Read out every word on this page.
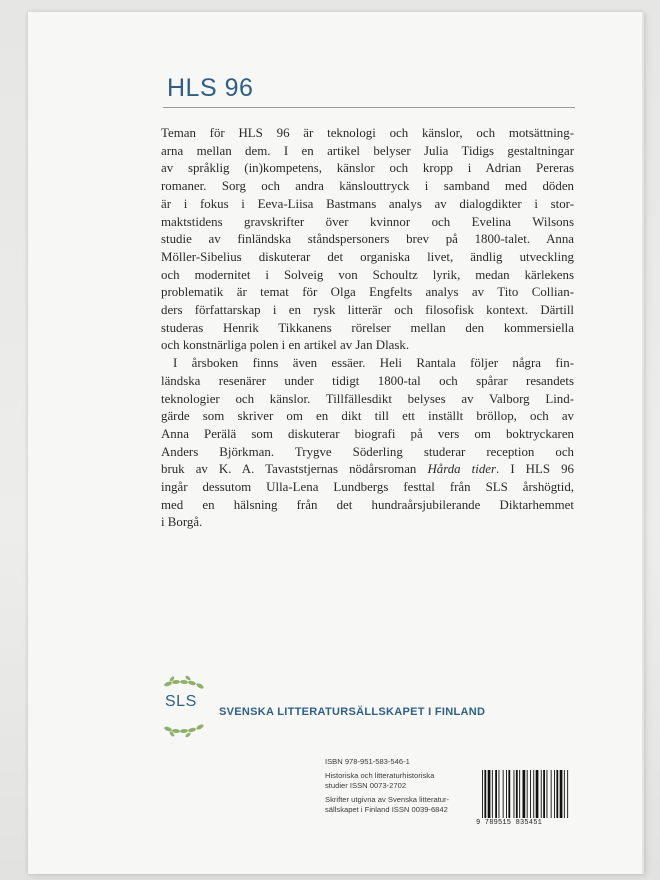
HLS 96

Teman för HLS 96 är teknologi och känslor, och motsättning-

arna mellan dem. I en artikel belyser Julia Tidigs gestaltningar

av språklig (in)kompetens, känslor och kropp i Adrian Pereras

romaner. Sorg och andra känslouttryck i samband med döden

är i fokus i Eeva-Liisa Bastmans analys av dialogdikter i stor-

maktstidens gravskrifter över kvinnor och Evelina Wilsons

studie av finländska ståndspersoners brev på 1800-talet. Anna

Möller-Sibelius diskuterar det organiska livet, ändlig utveckling

och modernitet i Solveig von Schoultz lyrik, medan kärlekens

problematik är temat för Olga Engfelts analys av Tito Collian-

ders författarskap i en rysk litterär och filosofisk kontext. Därtill

studeras Henrik Tikkanens rörelser mellan den kommersiella

och konstnärliga polen i en artikel av Jan Dlask.

I årsboken finns även essäer. Heli Rantala följer några fin-

ländska resenärer under tidigt 1800-tal och spårar resandets

teknologier och känslor. Tillfällesdikt belyses av Valborg Lind-

gärde som skriver om en dikt till ett inställt bröllop, och av

Anna Perälä som diskuterar biografi på vers om boktryckaren

Anders Björkman. Trygve Söderling studerar reception och

bruk av K. A. Tavaststjernas nödårsroman Hårda tider. I HLS 96

ingår dessutom Ulla-Lena Lundbergs festtal från SLS årshögtid,

med en hälsning från det hundraårsjubilerande Diktarhemmet

i Borgå.

SLS
SVENSKA LITTERATURSÄLLSKAPET I FINLAND
ISBN 978-951-583-546-1
Historiska och litteraturhistoriska
studier ISSN 0073-2702
Skrifter utgivna av Svenska litteratur-
sällskapet i Finland ISSN 0039-6842
9 789515 835451
